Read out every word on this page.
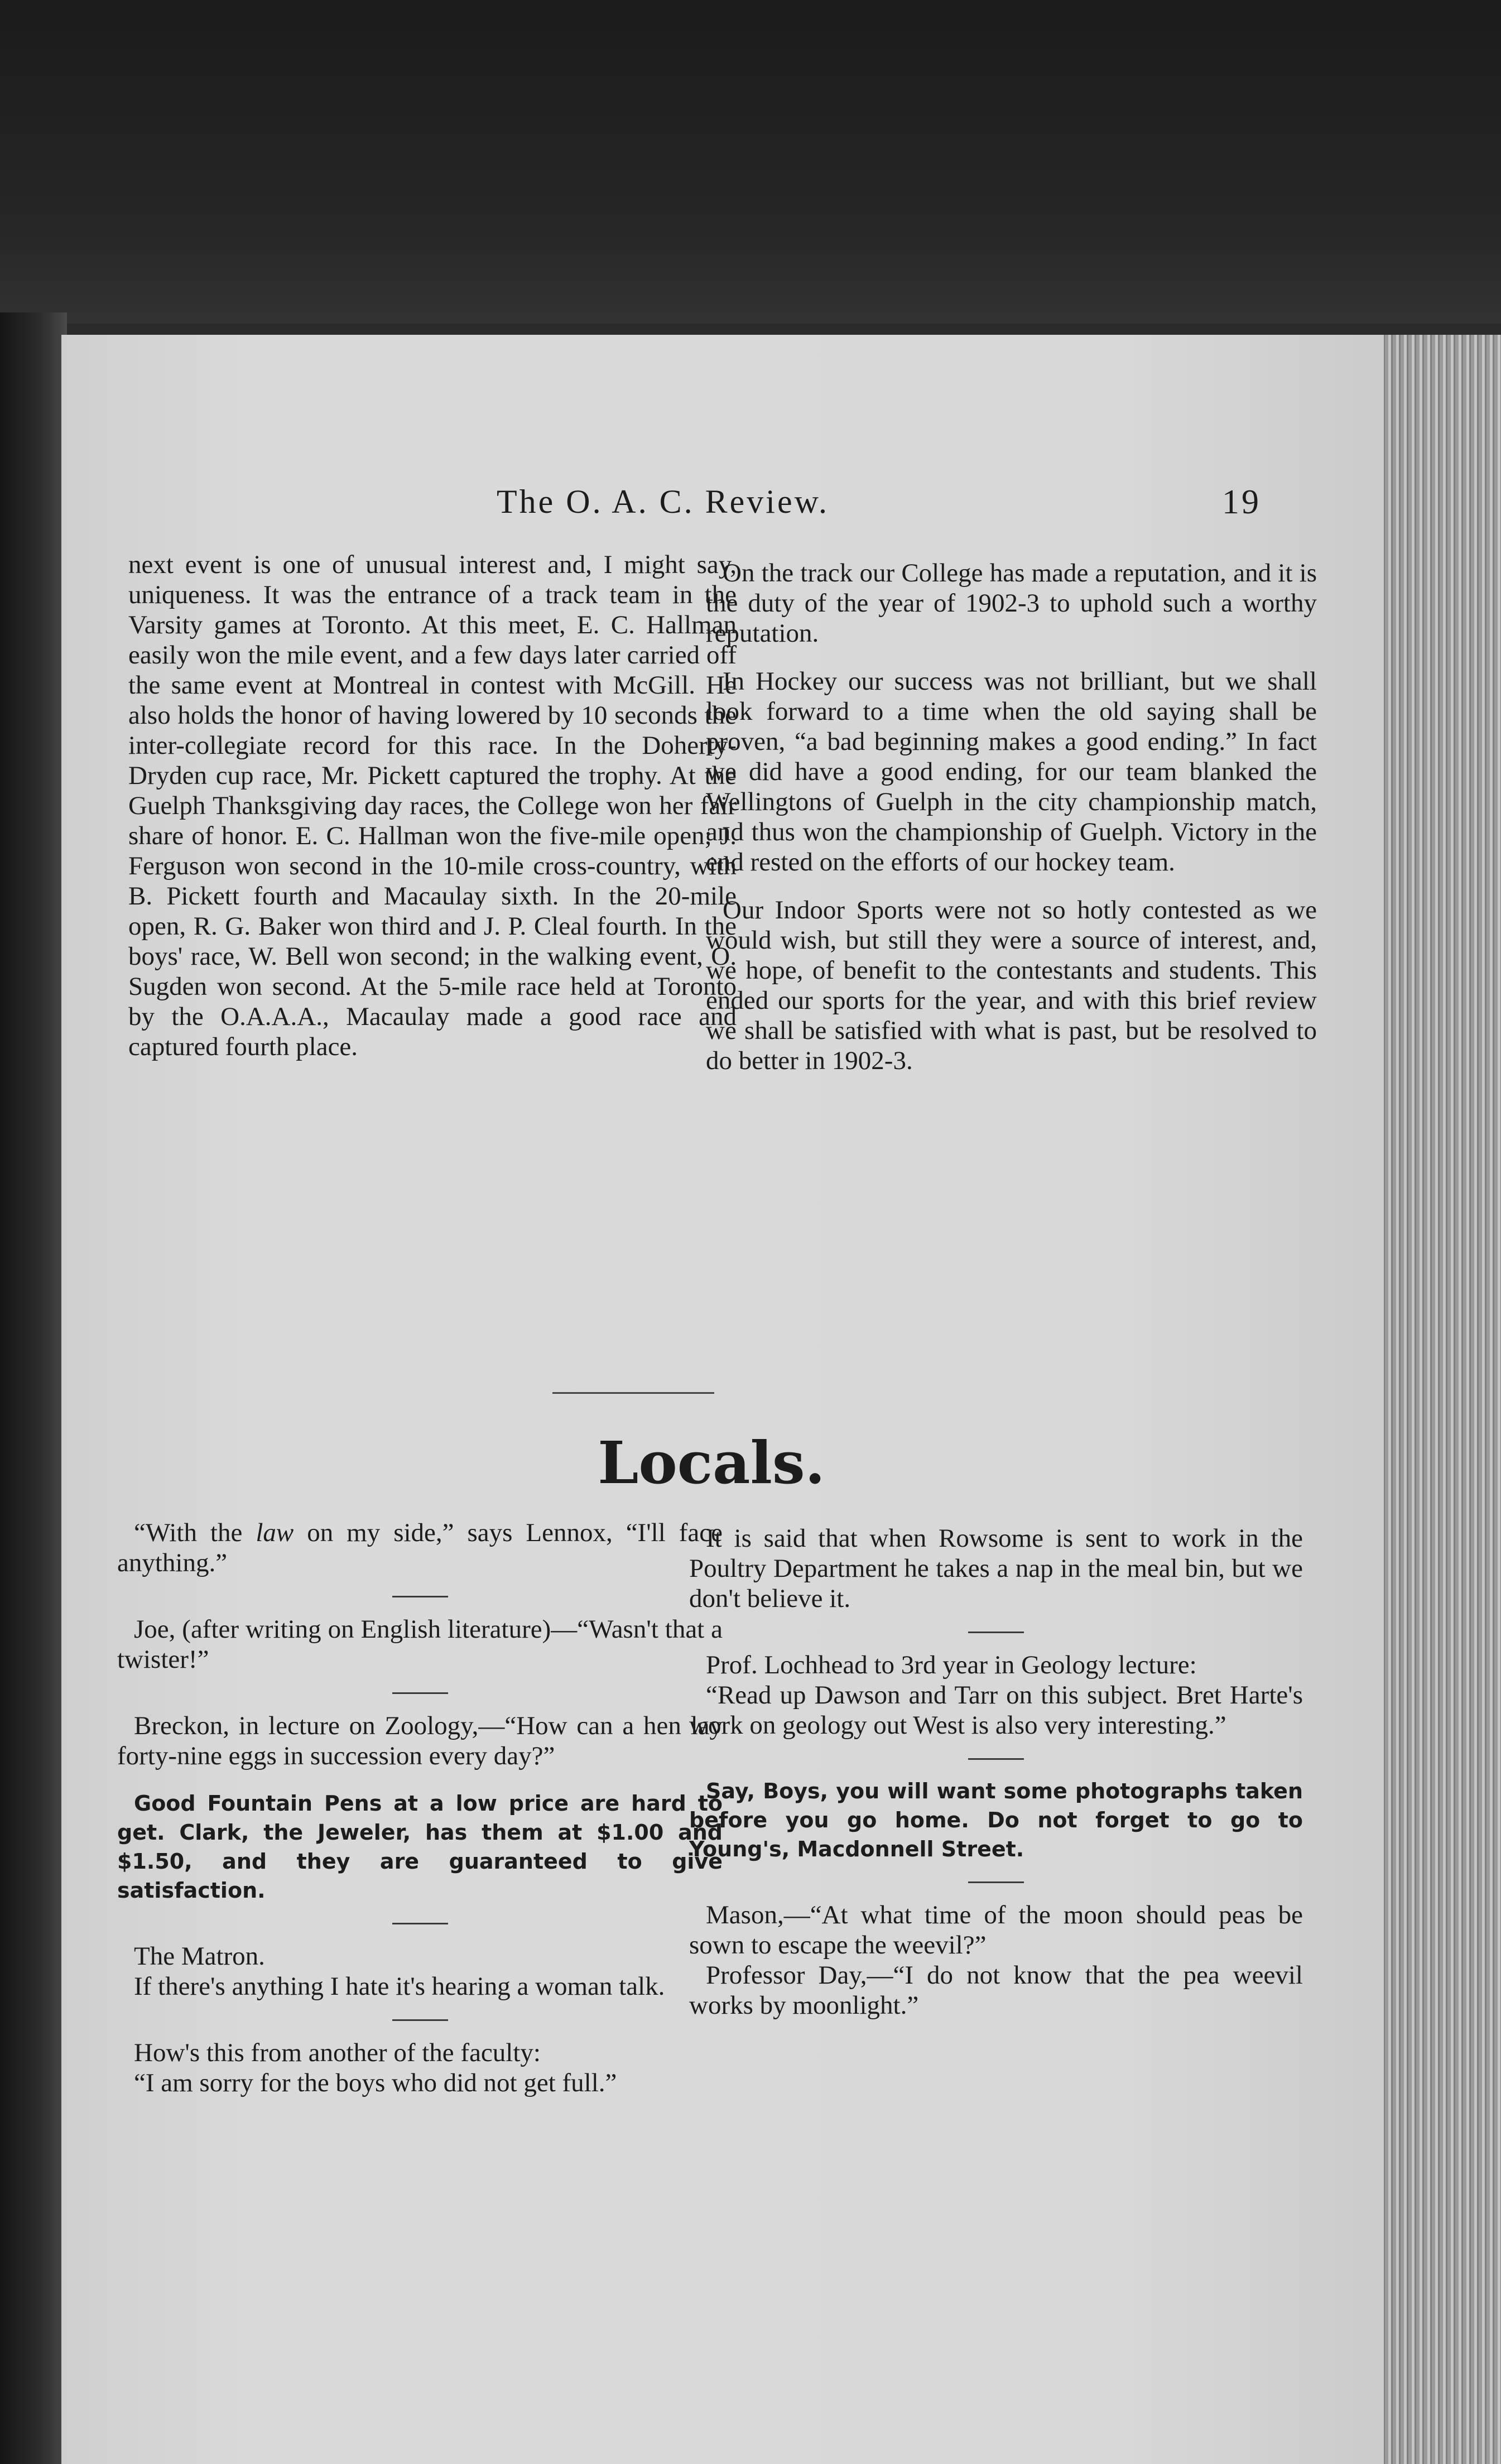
The O. A. C. Review.	19

next event is one of unusual interest and, I might say, uniqueness. It was the entrance of a track team in the Varsity games at Toronto. At this meet, E. C. Hallman easily won the mile event, and a few days later carried off the same event at Montreal in contest with McGill. He also holds the honor of having lowered by 10 seconds the inter-collegiate record for this race. In the Doherty-Dryden cup race, Mr. Pickett captured the trophy. At the Guelph Thanksgiving day races, the College won her fair share of honor. E. C. Hallman won the five-mile open; J. Ferguson won second in the 10-mile cross-country, with B. Pickett fourth and Macaulay sixth. In the 20-mile open, R. G. Baker won third and J. P. Cleal fourth. In the boys' race, W. Bell won second; in the walking event, O. Sugden won second. At the 5-mile race held at Toronto by the O.A.A.A., Macaulay made a good race and captured fourth place.

On the track our College has made a reputation, and it is the duty of the year of 1902-3 to uphold such a worthy reputation.

In Hockey our success was not brilliant, but we shall look forward to a time when the old saying shall be proven, “a bad beginning makes a good ending.” In fact we did have a good ending, for our team blanked the Wellingtons of Guelph in the city championship match, and thus won the championship of Guelph. Victory in the end rested on the efforts of our hockey team.

Our Indoor Sports were not so hotly contested as we would wish, but still they were a source of interest, and, we hope, of benefit to the contestants and students. This ended our sports for the year, and with this brief review we shall be satisfied with what is past, but be resolved to do better in 1902-3.

Locals.

“With the law on my side,” says Lennox, “I'll face anything.”

Joe, (after writing on English literature)—“Wasn't that a twister!”

Breckon, in lecture on Zoology,—“How can a hen lay forty-nine eggs in succession every day?”

Good Fountain Pens at a low price are hard to get. Clark, the Jeweler, has them at $1.00 and $1.50, and they are guaranteed to give satisfaction.

The Matron.
If there's anything I hate it's hearing a woman talk.

How's this from another of the faculty:
“I am sorry for the boys who did not get full.”

It is said that when Rowsome is sent to work in the Poultry Department he takes a nap in the meal bin, but we don't believe it.

Prof. Lochhead to 3rd year in Geology lecture:
“Read up Dawson and Tarr on this subject. Bret Harte's work on geology out West is also very interesting.”

Say, Boys, you will want some photographs taken before you go home. Do not forget to go to Young's, Macdonnell Street.

Mason,—“At what time of the moon should peas be sown to escape the weevil?”
Professor Day,—“I do not know that the pea weevil works by moonlight.”
